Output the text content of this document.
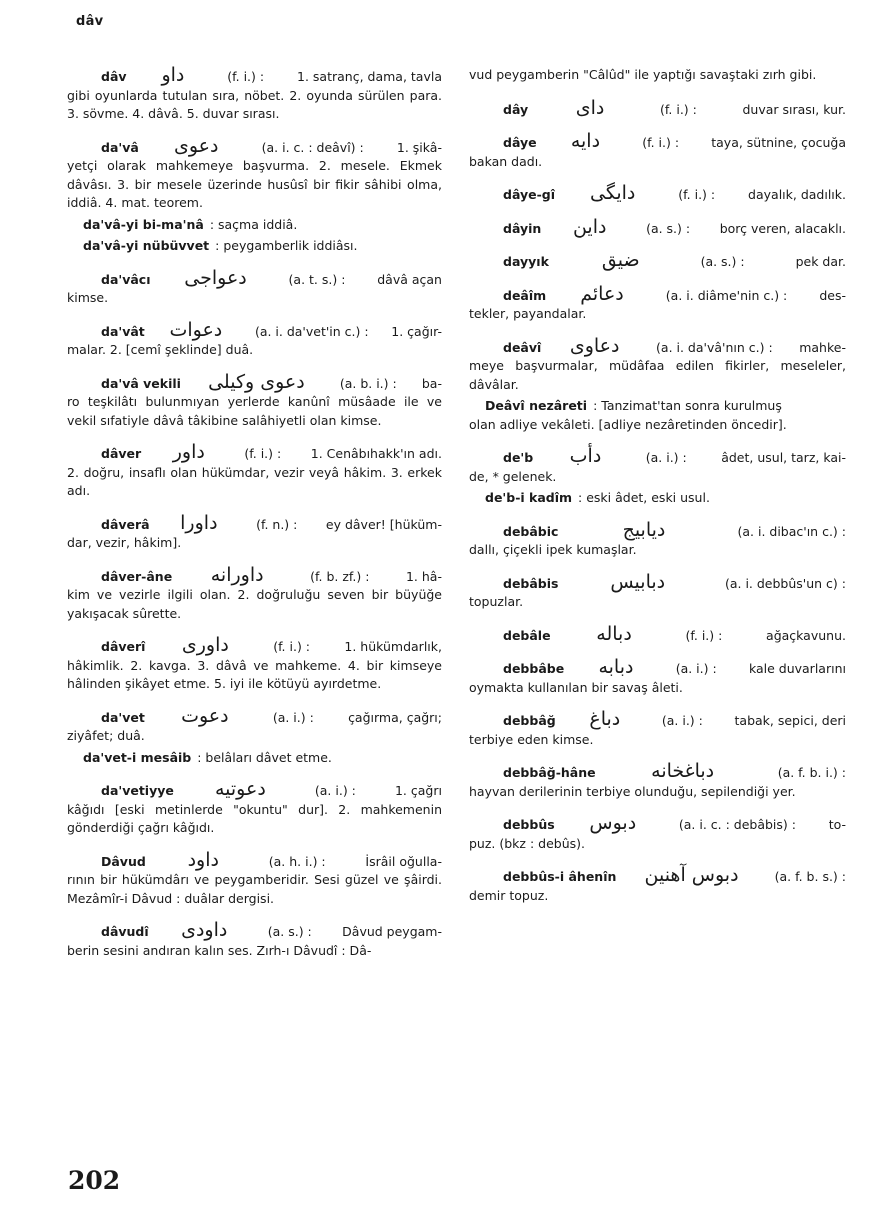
dâv
dâv	داو	(f. i.) :	1. satranç, dama, tavla
gibi oyunlarda tutulan sıra, nöbet. 2. oyunda sürülen para. 3. sövme. 4. dâvâ. 5. duvar sırası.
da'vâ	دعوى	(a. i. c. : deâvî) :	1. şikâ-
yetçi olarak mahkemeye başvurma. 2. mesele. Ekmek dâvâsı. 3. bir mesele üzerinde husûsî bir fikir sâhibi olma, iddiâ. 4. mat. teorem.
da'vâ-yi bi-ma'nâ : saçma iddiâ.
da'vâ-yi nübüvvet : peygamberlik iddiâsı.
da'vâcı	دعواجى	(a. t. s.) :	dâvâ açan
kimse.
da'vât	دعوات	(a. i. da'vet'in c.) :	1. çağır-
malar. 2. [cemî şeklinde] duâ.
da'vâ vekili	دعوى وكيلى	(a. b. i.) :	ba-
ro teşkilâtı bulunmıyan yerlerde kanûnî müsâade ile ve vekil sıfatiyle dâvâ tâkibine salâhiyetli olan kimse.
dâver	داور	(f. i.) :	1. Cenâbıhakk'ın adı.
2. doğru, insaflı olan hükümdar, vezir veyâ hâkim. 3. erkek adı.
dâverâ	داورا	(f. n.) :	ey dâver! [hüküm-
dar, vezir, hâkim].
dâver-âne	داورانه	(f. b. zf.) :	1. hâ-
kim ve vezirle ilgili olan. 2. doğruluğu seven bir büyüğe yakışacak sûrette.
dâverî	داورى	(f. i.) :	1. hükümdarlık,
hâkimlik. 2. kavga. 3. dâvâ ve mahkeme. 4. bir kimseye hâlinden şikâyet etme. 5. iyi ile kötüyü ayırdetme.
da'vet	دعوت	(a. i.) :	çağırma, çağrı;
ziyâfet; duâ.
da'vet-i mesâib : belâları dâvet etme.
da'vetiyye	دعوتيه	(a. i.) :	1. çağrı
kâğıdı [eski metinlerde "okuntu" dur]. 2. mahkemenin gönderdiği çağrı kâğıdı.
Dâvud	داود	(a. h. i.) :	İsrâil oğulla-
rının bir hükümdârı ve peygamberidir. Sesi güzel ve şâirdi. Mezâmîr-i Dâvud : duâlar dergisi.
dâvudî	داودى	(a. s.) :	Dâvud peygam-
berin sesini andıran kalın ses. Zırh-ı Dâvudî : Dâ-
vud peygamberin "Câlûd" ile yaptığı savaştaki zırh gibi.
dây	داى	(f. i.) :	duvar sırası, kur.
dâye	دايه	(f. i.) :	taya, sütnine, çocuğa
bakan dadı.
dâye-gî	دايگى	(f. i.) :	dayalık, dadılık.
dâyin	داين	(a. s.) :	borç veren, alacaklı.
dayyık	ضيق	(a. s.) :	pek dar.
deâîm	دعائم	(a. i. diâme'nin c.) :	des-
tekler, payandalar.
deâvî	دعاوى	(a. i. da'vâ'nın c.) :	mahke-
meye başvurmalar, müdâfaa edilen fikirler, meseleler, dâvâlar.
Deâvî nezâreti : Tanzimat'tan sonra kurulmuş
olan adliye vekâleti. [adliye nezâretinden öncedir].
de'b	دأب	(a. i.) :	âdet, usul, tarz, kai-
de, * gelenek.
de'b-i kadîm : eski âdet, eski usul.
debâbic	ديابيج	(a. i. dibac'ın c.) :
dallı, çiçekli ipek kumaşlar.
debâbis	دبابيس	(a. i. debbûs'un c) :
topuzlar.
debâle	دباله	(f. i.) :	ağaçkavunu.
debbâbe	دبابه	(a. i.) :	kale duvarlarını
oymakta kullanılan bir savaş âleti.
debbâğ	دباغ	(a. i.) :	tabak, sepici, deri
terbiye eden kimse.
debbâğ-hâne	دباغخانه	(a. f. b. i.) :
hayvan derilerinin terbiye olunduğu, sepilendiği yer.
debbûs	دبوس	(a. i. c. : debâbis) :	to-
puz. (bkz : debûs).
debbûs-i âhenîn	دبوس آهنين	(a. f. b. s.) :
demir topuz.
202
